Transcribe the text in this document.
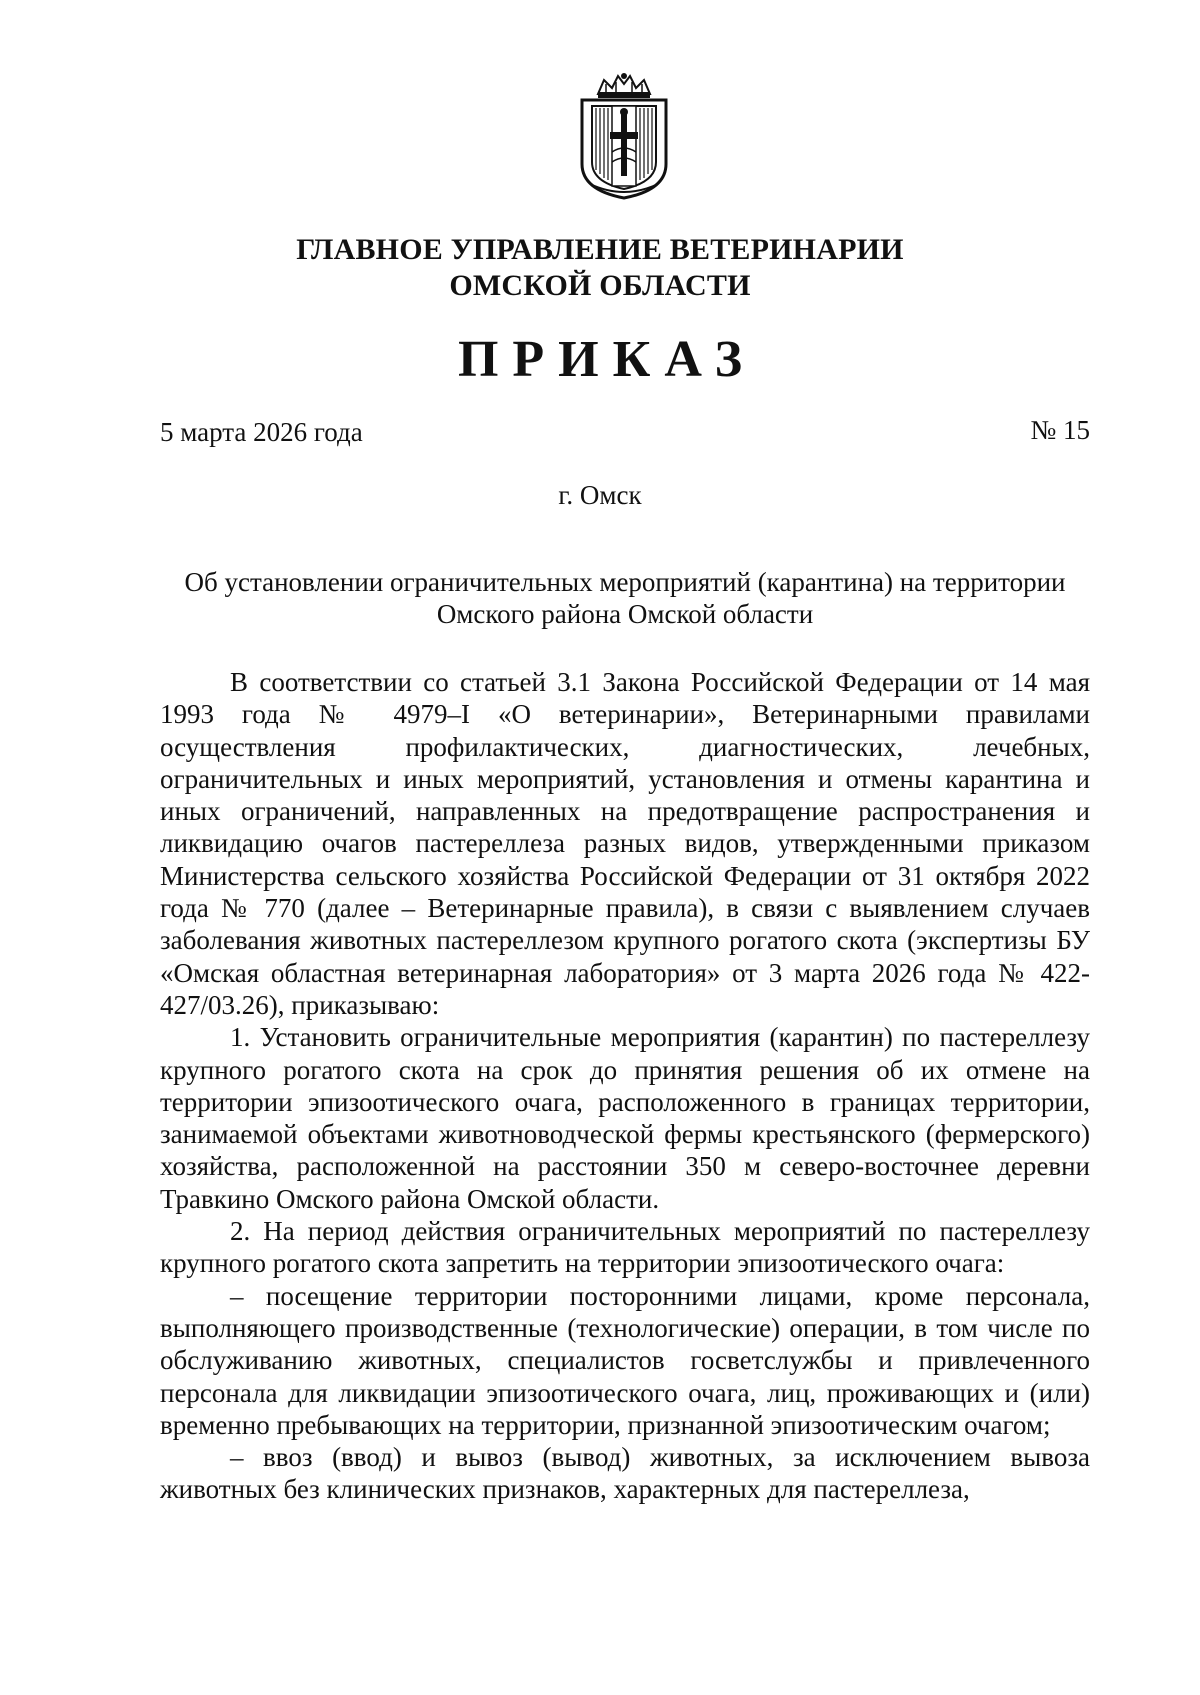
ГЛАВНОЕ УПРАВЛЕНИЕ ВЕТЕРИНАРИИ
ОМСКОЙ ОБЛАСТИ
ПРИКАЗ
5 марта 2026 года	№ 15
г. Омск
Об установлении ограничительных мероприятий (карантина) на территории
Омского района Омской области

В соответствии со статьей 3.1 Закона Российской Федерации от 14 мая 1993 года № 4979–I «О ветеринарии», Ветеринарными правилами осуществления профилактических, диагностических, лечебных, ограничительных и иных мероприятий, установления и отмены карантина и иных ограничений, направленных на предотвращение распространения и ликвидацию очагов пастереллеза разных видов, утвержденными приказом Министерства сельского хозяйства Российской Федерации от 31 октября 2022 года № 770 (далее – Ветеринарные правила), в связи с выявлением случаев заболевания животных пастереллезом крупного рогатого скота (экспертизы БУ «Омская областная ветеринарная лаборатория» от 3 марта 2026 года № 422-427/03.26), приказываю:

1. Установить ограничительные мероприятия (карантин) по пастереллезу крупного рогатого скота на срок до принятия решения об их отмене на территории эпизоотического очага, расположенного в границах территории, занимаемой объектами животноводческой фермы крестьянского (фермерского) хозяйства, расположенной на расстоянии 350 м северо-восточнее деревни Травкино Омского района Омской области.

2. На период действия ограничительных мероприятий по пастереллезу крупного рогатого скота запретить на территории эпизоотического очага:

– посещение территории посторонними лицами, кроме персонала, выполняющего производственные (технологические) операции, в том числе по обслуживанию животных, специалистов госветслужбы и привлеченного персонала для ликвидации эпизоотического очага, лиц, проживающих и (или) временно пребывающих на территории, признанной эпизоотическим очагом;

– ввоз (ввод) и вывоз (вывод) животных, за исключением вывоза животных без клинических признаков, характерных для пастереллеза,
